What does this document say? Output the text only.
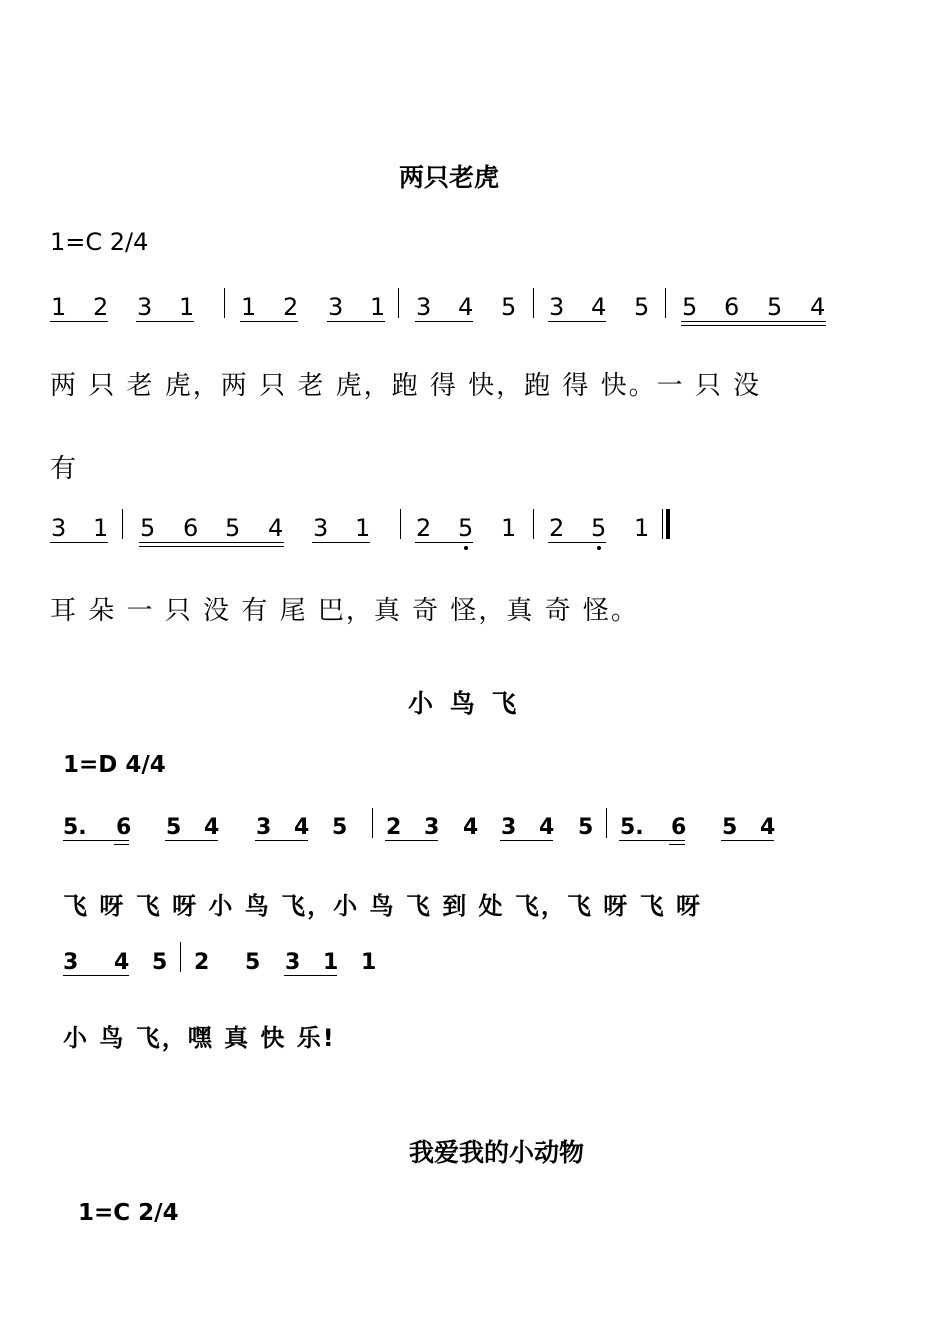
两只老虎
1=C 2/4
1 2 3 1 1 2 3 1 3 4 5 3 4 5 5 6 5 4
两 只 老 虎，两 只 老 虎，跑 得 快，跑 得 快。一 只 没
有
3 1 5 6 5 4 3 1 2 5 1 2 5 1
耳 朵 一 只 没 有 尾 巴，真 奇 怪，真 奇 怪。
小 鸟 飞
1=D 4/4
5. 6 5 4 3 4 5 2 3 4 3 4 5 5. 6 5 4
飞 呀 飞 呀 小 鸟 飞，小 鸟 飞 到 处 飞，飞 呀 飞 呀
3 4 5 2 5 3 1 1
小 鸟 飞，嘿 真 快 乐!
我爱我的小动物
1=C 2/4
